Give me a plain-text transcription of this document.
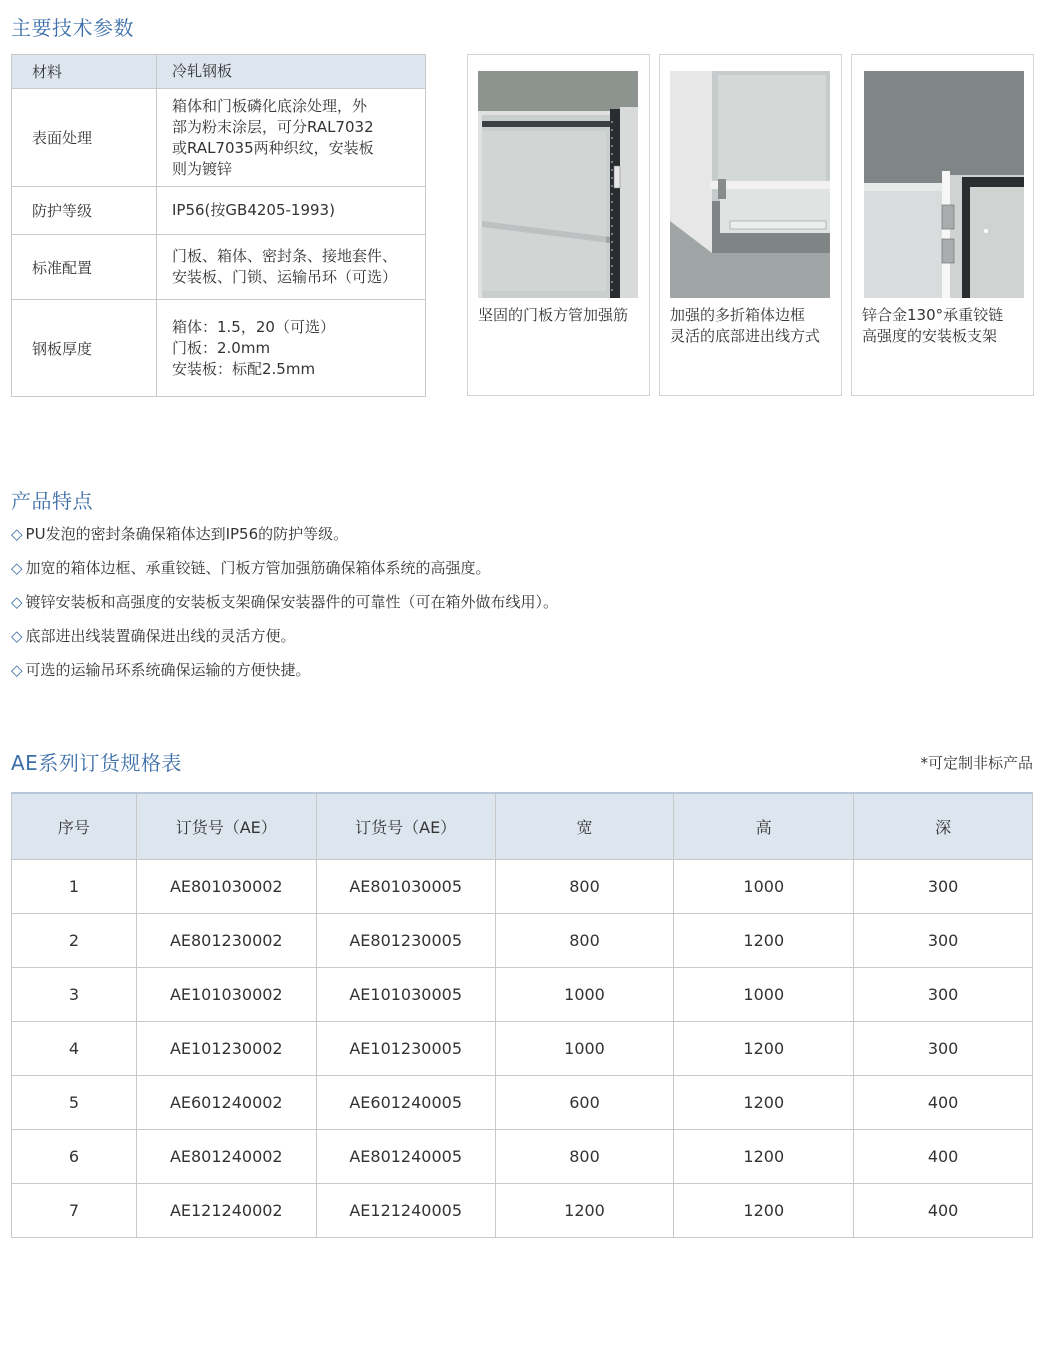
主要技术参数
材料	冷轧钢板
表面处理	箱体和门板磷化底涂处理，外
部为粉末涂层，可分RAL7032
或RAL7035两种织纹，安装板
则为镀锌
防护等级	IP56(按GB4205-1993)
标准配置	门板、箱体、密封条、接地套件、
安装板、门锁、运输吊环（可选）
钢板厚度	箱体：1.5，20（可选）
门板：2.0mm
安装板：标配2.5mm
坚固的门板方管加强筋	加强的多折箱体边框
灵活的底部进出线方式
锌合金130°承重铰链
高强度的安装板支架
产品特点
◇ PU发泡的密封条确保箱体达到IP56的防护等级。
◇ 加宽的箱体边框、承重铰链、门板方管加强筋确保箱体系统的高强度。
◇ 镀锌安装板和高强度的安装板支架确保安装器件的可靠性（可在箱外做布线用）。
◇ 底部进出线装置确保进出线的灵活方便。
◇ 可选的运输吊环系统确保运输的方便快捷。
AE系列订货规格表	*可定制非标产品
序号	订货号（AE）	订货号（AE）	宽	高	深
1	AE801030002	AE801030005	800	1000	300
2	AE801230002	AE801230005	800	1200	300
3	AE101030002	AE101030005	1000	1000	300
4	AE101230002	AE101230005	1000	1200	300
5	AE601240002	AE601240005	600	1200	400
6	AE801240002	AE801240005	800	1200	400
7	AE121240002	AE121240005	1200	1200	400
